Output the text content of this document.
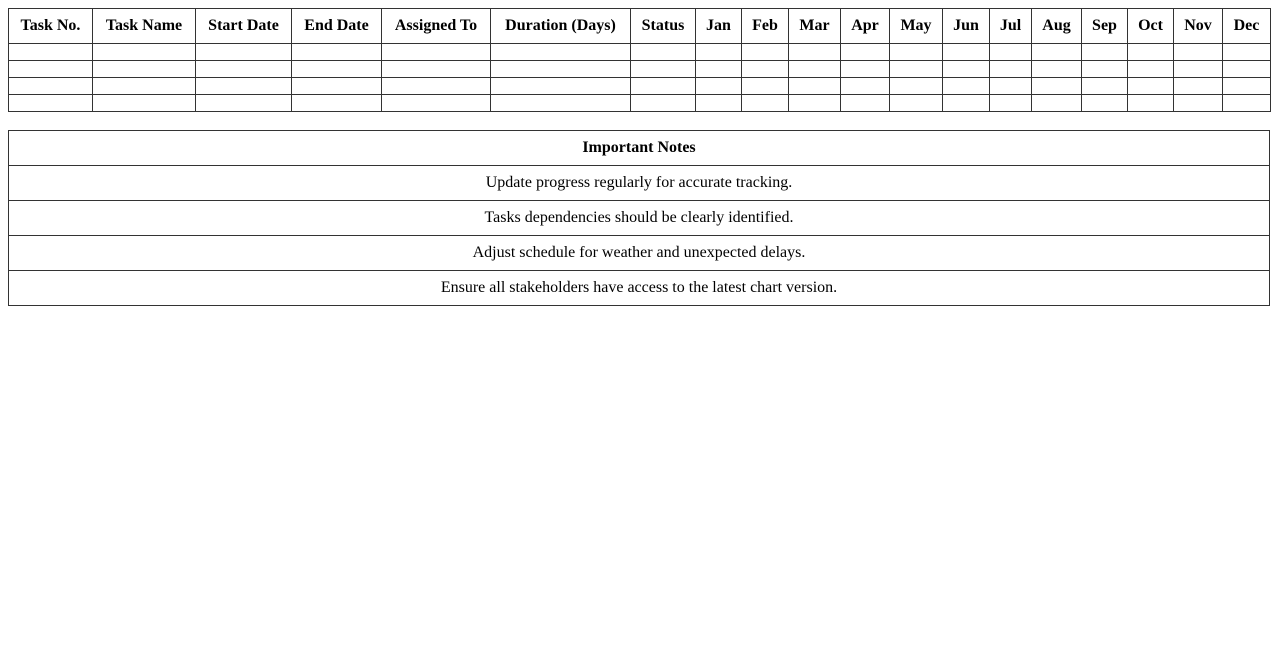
Task No.	Task Name	Start Date	End Date	Assigned To	Duration (Days)	Status	Jan	Feb	Mar	Apr	May	Jun	Jul	Aug	Sep	Oct	Nov	Dec

Important Notes
Update progress regularly for accurate tracking.
Tasks dependencies should be clearly identified.
Adjust schedule for weather and unexpected delays.
Ensure all stakeholders have access to the latest chart version.
